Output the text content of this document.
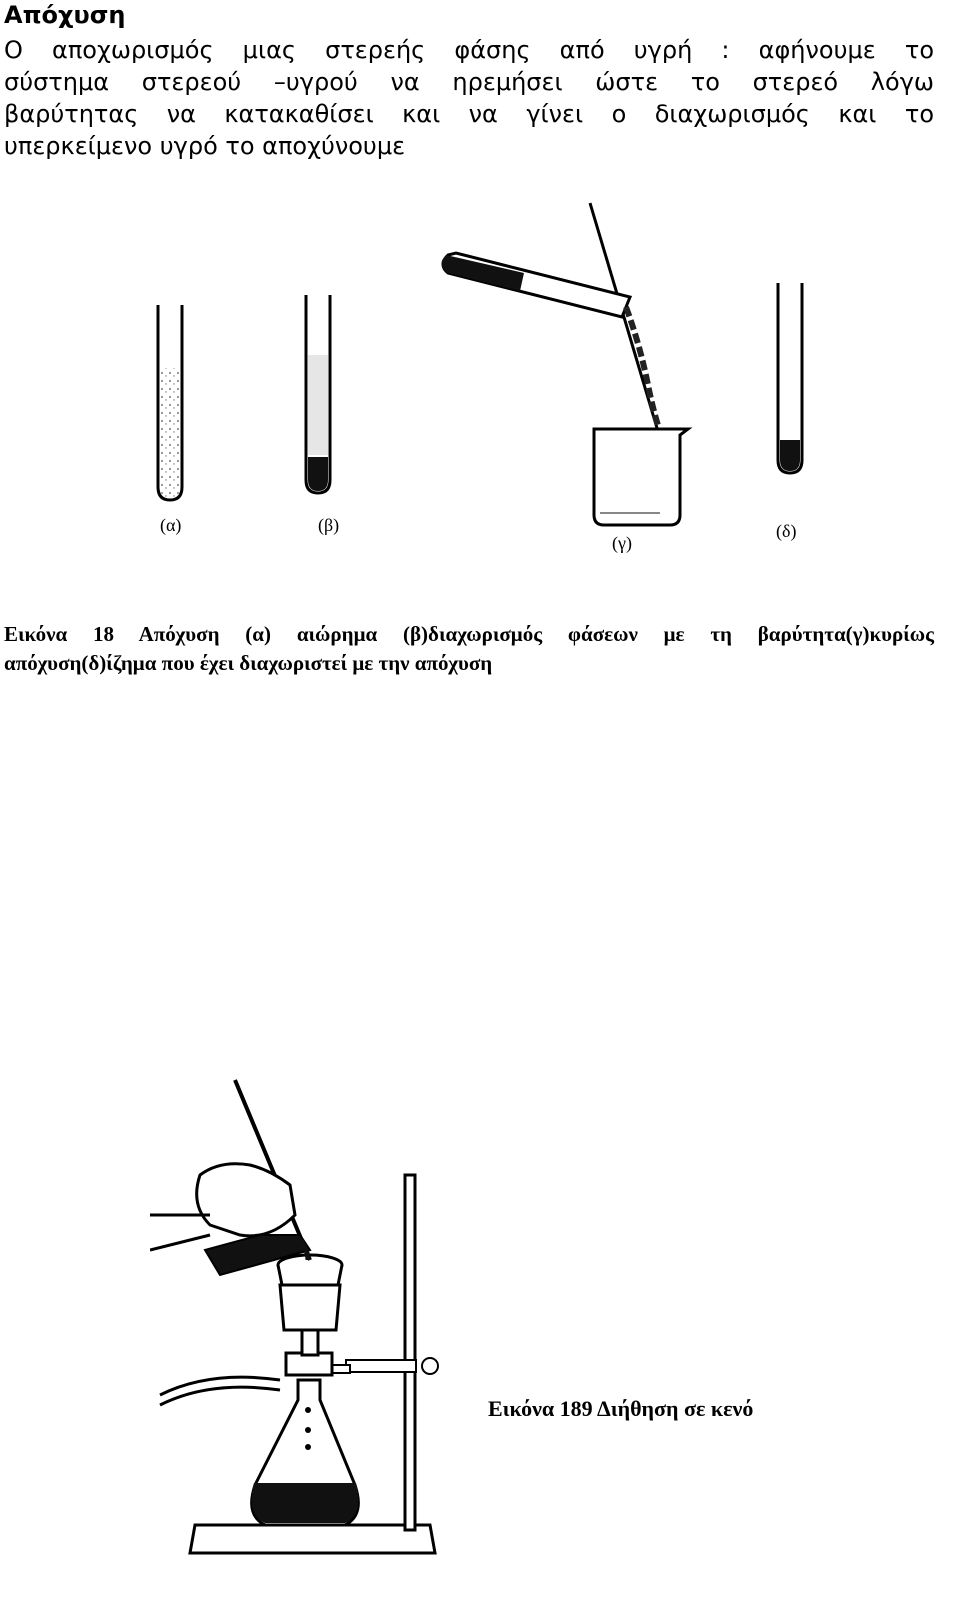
Απόχυση
Ο αποχωρισμός μιας στερεής φάσης από υγρή : αφήνουμε το
σύστημα στερεού –υγρού να ηρεμήσει ώστε το στερεό λόγω
βαρύτητας να κατακαθίσει και να γίνει ο διαχωρισμός και το
υπερκείμενο υγρό το αποχύνουμε
(α)	(β)
(γ)
(δ)
Εικόνα 18 Απόχυση (α) αιώρημα (β)διαχωρισμός φάσεων με τη βαρύτητα(γ)κυρίως
απόχυση(δ)ίζημα που έχει διαχωριστεί με την απόχυση
Εικόνα 189 Διήθηση σε κενό
